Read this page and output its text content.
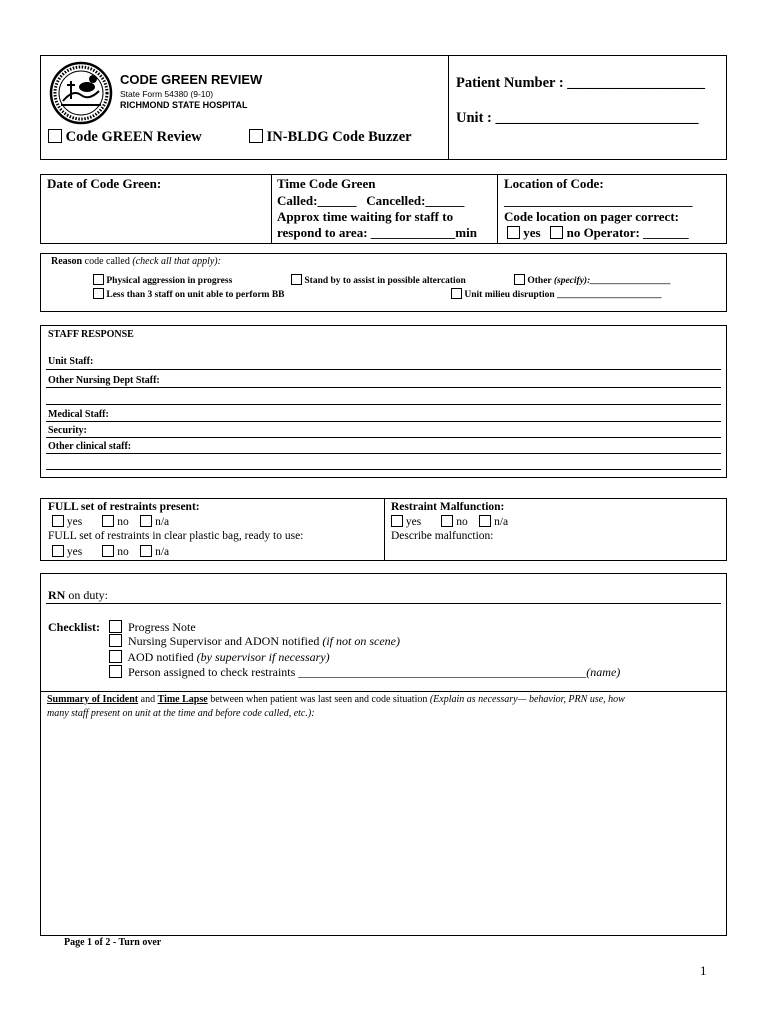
CODE GREEN REVIEW
State Form 54380 (9-10)
RICHMOND STATE HOSPITAL
Code GREEN Review	IN-BLDG Code Buzzer
Patient Number : ___________________
Unit : ____________________________
Date of Code Green:	Time Code Green
Called:______ Cancelled:______
Approx time waiting for staff to
respond to area: _____________min
Location of Code:
_____________________________
Code location on pager correct:
yes no Operator: _______
Reason code called (check all that apply):
Physical aggression in progress	Stand by to assist in possible altercation	Other (specify):_________________
Less than 3 staff on unit able to perform BB	Unit milieu disruption ______________________
STAFF RESPONSE
Unit Staff:
Other Nursing Dept Staff:
Medical Staff:
Security:
Other clinical staff:
FULL set of restraints present:
yes	no n/a
FULL set of restraints in clear plastic bag, ready to use:
yes	no n/a
Restraint Malfunction:
yes	no n/a
Describe malfunction:
RN on duty:
Checklist:	Progress Note
Nursing Supervisor and ADON notified (if not on scene)
AOD notified (by supervisor if necessary)
Person assigned to check restraints ________________________________________________(name)
Summary of Incident and Time Lapse between when patient was last seen and code situation (Explain as necessary— behavior, PRN use, how
many staff present on unit at the time and before code called, etc.):
Page 1 of 2 - Turn over
1
